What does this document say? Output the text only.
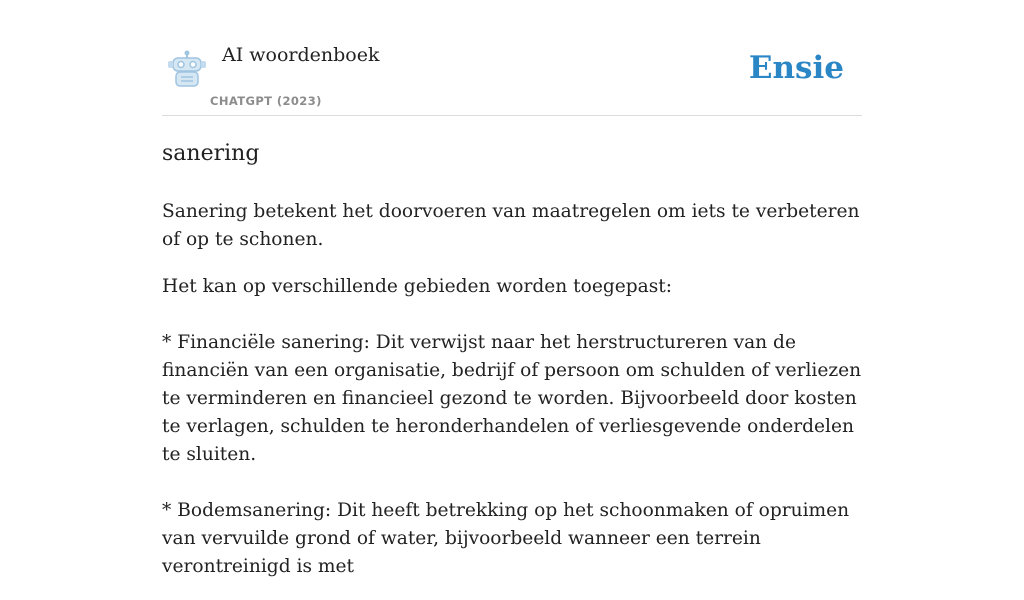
AI woordenboek
CHATGPT (2023)
Ensie
sanering

Sanering betekent het doorvoeren van maatregelen om iets te verbeteren of op te schonen.

Het kan op verschillende gebieden worden toegepast:

* Financiële sanering: Dit verwijst naar het herstructureren van de financiën van een organisatie, bedrijf of persoon om schulden of verliezen te verminderen en financieel gezond te worden. Bijvoorbeeld door kosten te verlagen, schulden te heronderhandelen of verliesgevende onderdelen te sluiten.

* Bodemsanering: Dit heeft betrekking op het schoonmaken of opruimen van vervuilde grond of water, bijvoorbeeld wanneer een terrein verontreinigd is met
